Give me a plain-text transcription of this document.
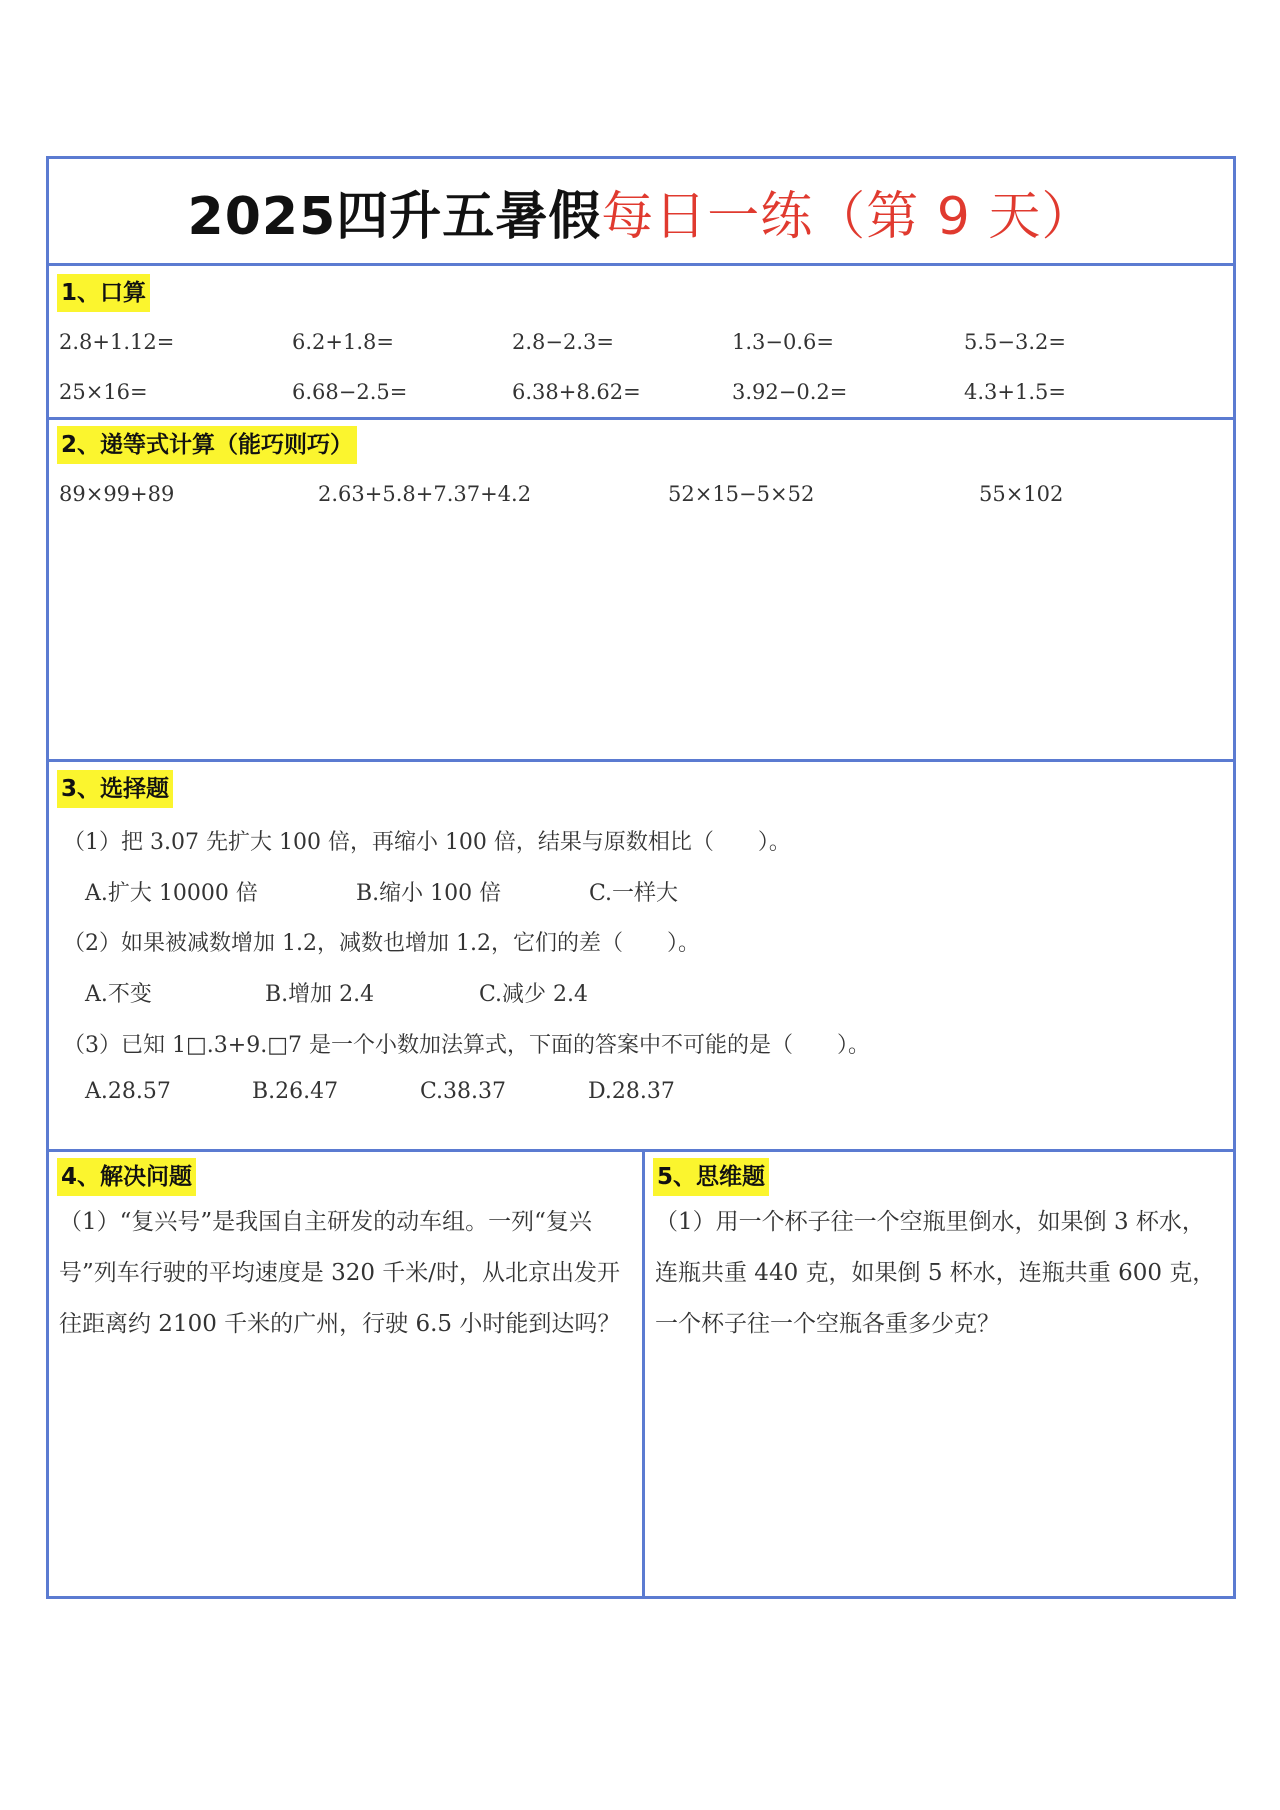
2025四升五暑假 每日一练（第 9 天）
1、口算
2.8+1.12=	6.2+1.8=	2.8−2.3=	1.3−0.6=	5.5−3.2=
25×16=	6.68−2.5=	6.38+8.62=	3.92−0.2=	4.3+1.5=
2、递等式计算（能巧则巧）
89×99+89	2.63+5.8+7.37+4.2	52×15−5×52	55×102
3、选择题
（1）把 3.07 先扩大 100 倍，再缩小 100 倍，结果与原数相比（　　）。
A.扩大 10000 倍	B.缩小 100 倍	C.一样大
（2）如果被减数增加 1.2，减数也增加 1.2，它们的差（　　）。
A.不变	B.增加 2.4	C.减少 2.4
（3）已知 1□.3+9.□7 是一个小数加法算式，下面的答案中不可能的是（　　）。
A.28.57	B.26.47	C.38.37	D.28.37
4、解决问题
（1）“复兴号”是我国自主研发的动车组。一列“复兴号”列车行驶的平均速度是 320 千米/时，从北京出发开往距离约 2100 千米的广州，行驶 6.5 小时能到达吗？
5、思维题
（1）用一个杯子往一个空瓶里倒水，如果倒 3 杯水，连瓶共重 440 克，如果倒 5 杯水，连瓶共重 600 克，一个杯子往一个空瓶各重多少克？
